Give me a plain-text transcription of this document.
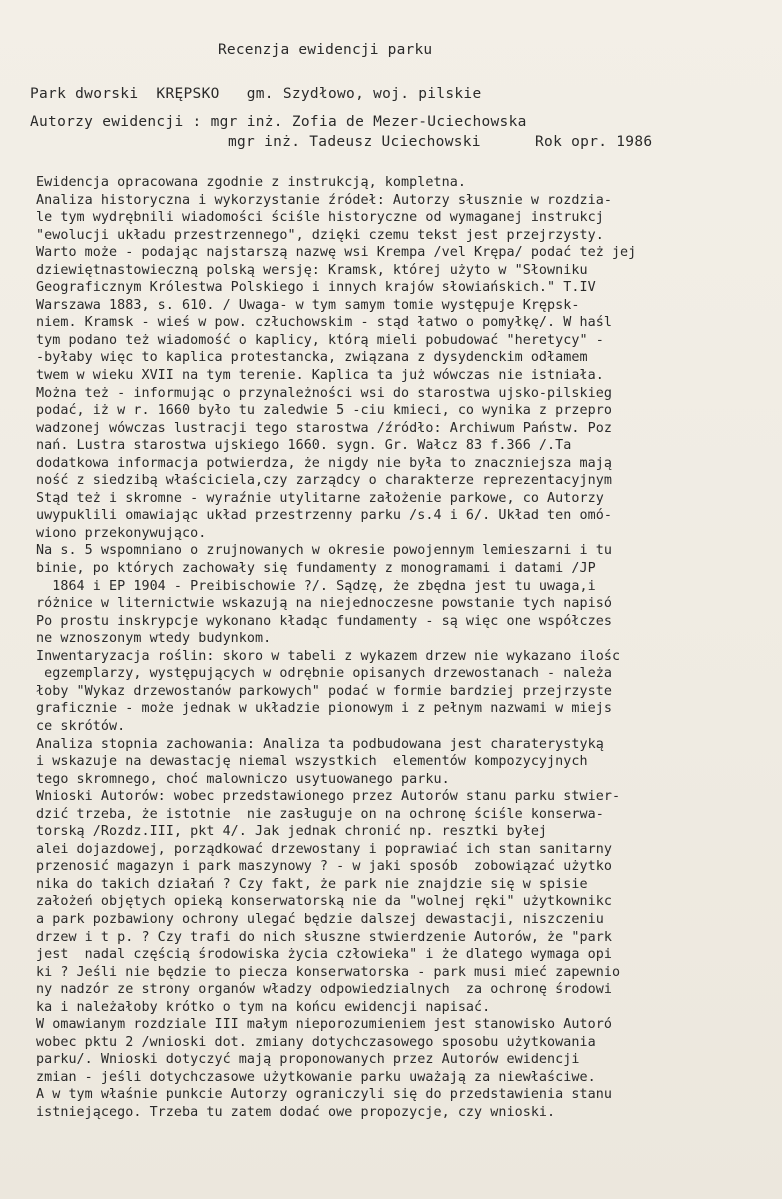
Recenzja ewidencji parku
Park dworski  KRĘPSKO   gm. Szydłowo, woj. pilskie
Autorzy ewidencji : mgr inż. Zofia de Mezer-Uciechowska
mgr inż. Tadeusz Uciechowski      Rok opr. 1986
Ewidencja opracowana zgodnie z instrukcją, kompletna.
Analiza historyczna i wykorzystanie źródeł: Autorzy słusznie w rozdzia-
le tym wydrębnili wiadomości ściśle historyczne od wymaganej instrukcj
"ewolucji układu przestrzennego", dzięki czemu tekst jest przejrzysty.
Warto może - podając najstarszą nazwę wsi Krempa /vel Krępa/ podać też jej
dziewiętnastowieczną polską wersję: Kramsk, której użyto w "Słowniku
Geograficznym Królestwa Polskiego i innych krajów słowiańskich." T.IV
Warszawa 1883, s. 610. / Uwaga- w tym samym tomie występuje Krępsk-
niem. Kramsk - wieś w pow. człuchowskim - stąd łatwo o pomyłkę/. W haśl
tym podano też wiadomość o kaplicy, którą mieli pobudować "heretycy" -
-byłaby więc to kaplica protestancka, związana z dysydenckim odłamem
twem w wieku XVII na tym terenie. Kaplica ta już wówczas nie istniała.
Można też - informując o przynależności wsi do starostwa ujsko-pilskieg
podać, iż w r. 1660 było tu zaledwie 5 -ciu kmieci, co wynika z przepro
wadzonej wówczas lustracji tego starostwa /źródło: Archiwum Państw. Poz
nań. Lustra starostwa ujskiego 1660. sygn. Gr. Wałcz 83 f.366 /.Ta
dodatkowa informacja potwierdza, że nigdy nie była to znaczniejsza mają
ność z siedzibą właściciela,czy zarządcy o charakterze reprezentacyjnym
Stąd też i skromne - wyraźnie utylitarne założenie parkowe, co Autorzy
uwypuklili omawiając układ przestrzenny parku /s.4 i 6/. Układ ten omó-
wiono przekonywująco.
Na s. 5 wspomniano o zrujnowanych w okresie powojennym lemieszarni i tu
binie, po których zachowały się fundamenty z monogramami i datami /JP
1864 i EP 1904 - Preibischowie ?/. Sądzę, że zbędna jest tu uwaga,i
różnice w liternictwie wskazują na niejednoczesne powstanie tych napisó
Po prostu inskrypcje wykonano kładąc fundamenty - są więc one współczes
ne wznoszonym wtedy budynkom.
Inwentaryzacja roślin: skoro w tabeli z wykazem drzew nie wykazano ilośc
egzemplarzy, występujących w odrębnie opisanych drzewostanach - należa
łoby "Wykaz drzewostanów parkowych" podać w formie bardziej przejrzyste
graficznie - może jednak w układzie pionowym i z pełnym nazwami w miejs
ce skrótów.
Analiza stopnia zachowania: Analiza ta podbudowana jest charaterystyką
i wskazuje na dewastację niemal wszystkich  elementów kompozycyjnych
tego skromnego, choć malowniczo usytuowanego parku.
Wnioski Autorów: wobec przedstawionego przez Autorów stanu parku stwier-
dzić trzeba, że istotnie  nie zasługuje on na ochronę ściśle konserwa-
torską /Rozdz.III, pkt 4/. Jak jednak chronić np. resztki byłej
alei dojazdowej, porządkować drzewostany i poprawiać ich stan sanitarny
przenosić magazyn i park maszynowy ? - w jaki sposób  zobowiązać użytko
nika do takich działań ? Czy fakt, że park nie znajdzie się w spisie
założeń objętych opieką konserwatorską nie da "wolnej ręki" użytkownikc
a park pozbawiony ochrony ulegać będzie dalszej dewastacji, niszczeniu
drzew i t p. ? Czy trafi do nich słuszne stwierdzenie Autorów, że "park
jest  nadal częścią środowiska życia człowieka" i że dlatego wymaga opi
ki ? Jeśli nie będzie to piecza konserwatorska - park musi mieć zapewnio
ny nadzór ze strony organów władzy odpowiedzialnych  za ochronę środowi
ka i należałoby krótko o tym na końcu ewidencji napisać.
W omawianym rozdziale III małym nieporozumieniem jest stanowisko Autoró
wobec pktu 2 /wnioski dot. zmiany dotychczasowego sposobu użytkowania
parku/. Wnioski dotyczyć mają proponowanych przez Autorów ewidencji
zmian - jeśli dotychczasowe użytkowanie parku uważają za niewłaściwe.
A w tym właśnie punkcie Autorzy ograniczyli się do przedstawienia stanu
istniejącego. Trzeba tu zatem dodać owe propozycje, czy wnioski.
